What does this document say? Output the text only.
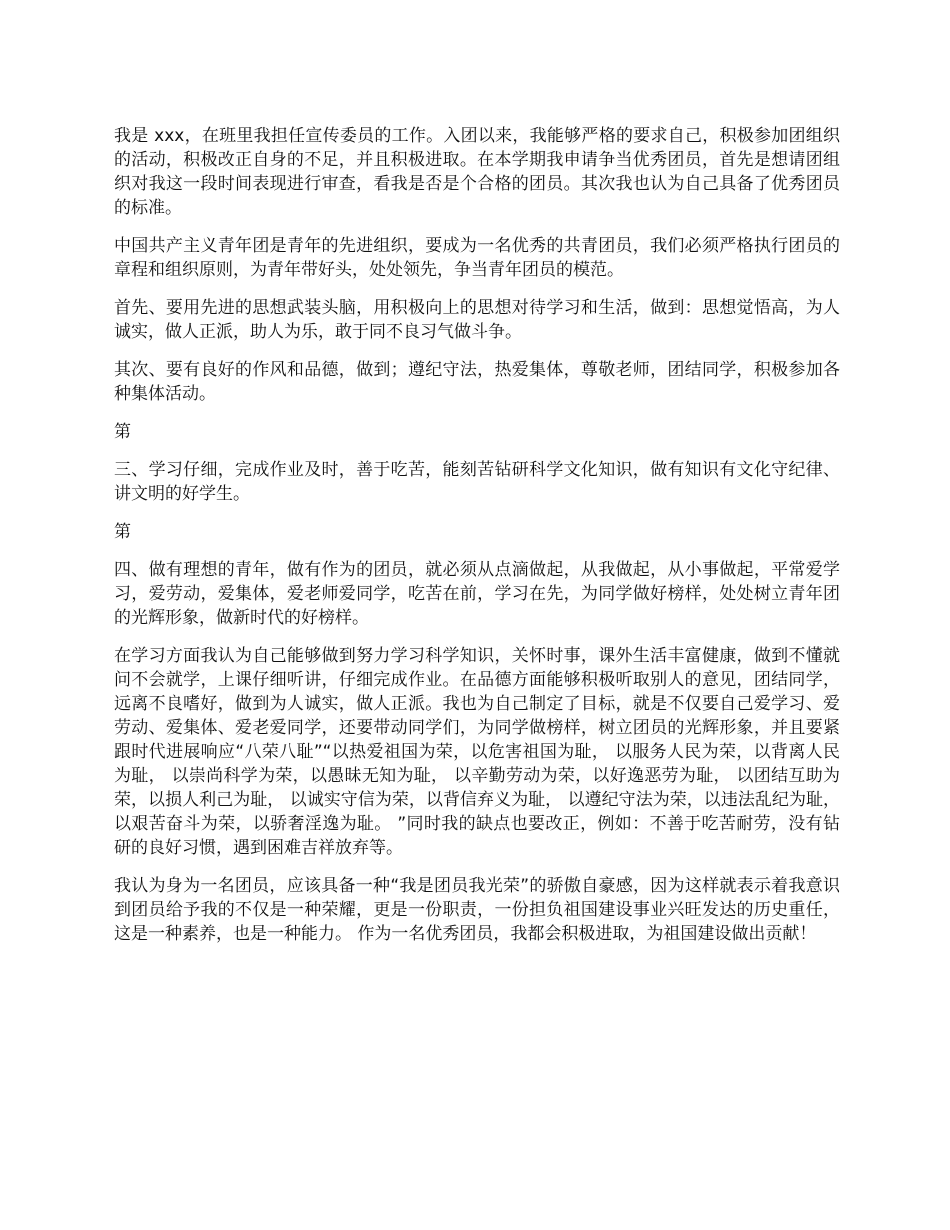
我是 xxx，在班里我担任宣传委员的工作。入团以来，我能够严格的要求自己，积极参加团组织的活动，积极改正自身的不足，并且积极进取。在本学期我申请争当优秀团员，首先是想请团组织对我这一段时间表现进行审查，看我是否是个合格的团员。其次我也认为自己具备了优秀团员的标准。

中国共产主义青年团是青年的先进组织，要成为一名优秀的共青团员，我们必须严格执行团员的章程和组织原则，为青年带好头，处处领先，争当青年团员的模范。

首先、要用先进的思想武装头脑，用积极向上的思想对待学习和生活，做到：思想觉悟高，为人诚实，做人正派，助人为乐，敢于同不良习气做斗争。

其次、要有良好的作风和品德，做到；遵纪守法，热爱集体，尊敬老师，团结同学，积极参加各种集体活动。

第

三、学习仔细，完成作业及时，善于吃苦，能刻苦钻研科学文化知识，做有知识有文化守纪律、讲文明的好学生。

第

四、做有理想的青年，做有作为的团员，就必须从点滴做起，从我做起，从小事做起，平常爱学习，爱劳动，爱集体，爱老师爱同学，吃苦在前，学习在先，为同学做好榜样，处处树立青年团的光辉形象，做新时代的好榜样。

在学习方面我认为自己能够做到努力学习科学知识，关怀时事，课外生活丰富健康，做到不懂就问不会就学，上课仔细听讲，仔细完成作业。在品德方面能够积极听取别人的意见，团结同学，远离不良嗜好，做到为人诚实，做人正派。我也为自己制定了目标，就是不仅要自己爱学习、爱劳动、爱集体、爱老爱同学，还要带动同学们，为同学做榜样，树立团员的光辉形象，并且要紧跟时代进展响应“八荣八耻”“以热爱祖国为荣，以危害祖国为耻， 以服务人民为荣，以背离人民为耻， 以崇尚科学为荣，以愚昧无知为耻， 以辛勤劳动为荣，以好逸恶劳为耻， 以团结互助为荣，以损人利己为耻， 以诚实守信为荣，以背信弃义为耻， 以遵纪守法为荣，以违法乱纪为耻， 以艰苦奋斗为荣，以骄奢淫逸为耻。 ”同时我的缺点也要改正，例如：不善于吃苦耐劳，没有钻研的良好习惯，遇到困难吉祥放弃等。

我认为身为一名团员，应该具备一种“我是团员我光荣”的骄傲自豪感，因为这样就表示着我意识到团员给予我的不仅是一种荣耀，更是一份职责，一份担负祖国建设事业兴旺发达的历史重任，这是一种素养，也是一种能力。 作为一名优秀团员，我都会积极进取，为祖国建设做出贡献！
